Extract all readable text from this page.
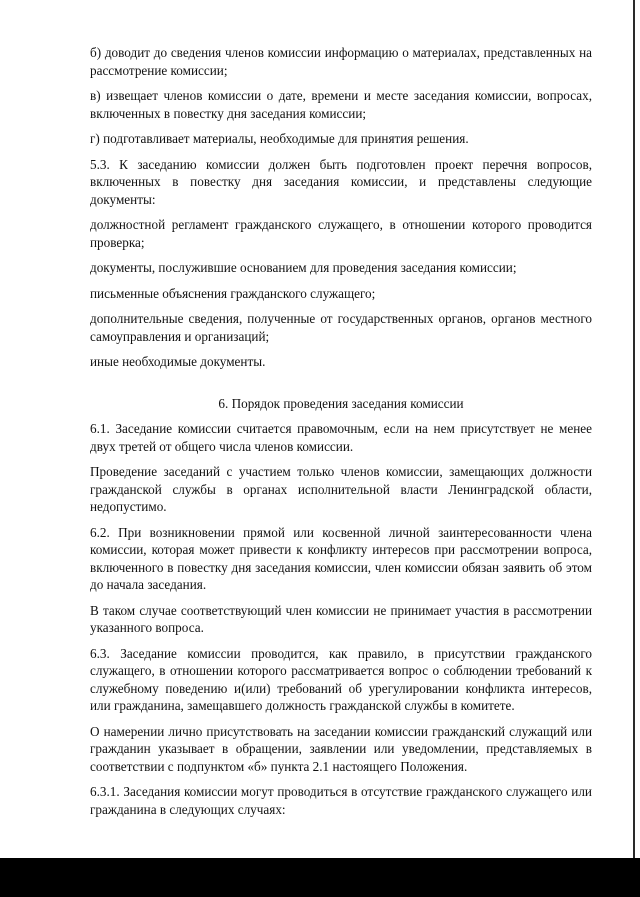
б) доводит до сведения членов комиссии информацию о материалах, представленных на рассмотрение комиссии;

в) извещает членов комиссии о дате, времени и месте заседания комиссии, вопросах, включенных в повестку дня заседания комиссии;

г) подготавливает материалы, необходимые для принятия решения.

5.3. К заседанию комиссии должен быть подготовлен проект перечня вопросов, включенных в повестку дня заседания комиссии, и представлены следующие документы:

должностной регламент гражданского служащего, в отношении которого проводится проверка;

документы, послужившие основанием для проведения заседания комиссии;

письменные объяснения гражданского служащего;

дополнительные сведения, полученные от государственных органов, органов местного самоуправления и организаций;

иные необходимые документы.

6. Порядок проведения заседания комиссии

6.1. Заседание комиссии считается правомочным, если на нем присутствует не менее двух третей от общего числа членов комиссии.

Проведение заседаний с участием только членов комиссии, замещающих должности гражданской службы в органах исполнительной власти Ленинградской области, недопустимо.

6.2. При возникновении прямой или косвенной личной заинтересованности члена комиссии, которая может привести к конфликту интересов при рассмотрении вопроса, включенного в повестку дня заседания комиссии, член комиссии обязан заявить об этом до начала заседания.

В таком случае соответствующий член комиссии не принимает участия в рассмотрении указанного вопроса.

6.3. Заседание комиссии проводится, как правило, в присутствии гражданского служащего, в отношении которого рассматривается вопрос о соблюдении требований к служебному поведению и(или) требований об урегулировании конфликта интересов, или гражданина, замещавшего должность гражданской службы в комитете.

О намерении лично присутствовать на заседании комиссии гражданский служащий или гражданин указывает в обращении, заявлении или уведомлении, представляемых в соответствии с подпунктом «б» пункта 2.1 настоящего Положения.

6.3.1. Заседания комиссии могут проводиться в отсутствие гражданского служащего или гражданина в следующих случаях:
